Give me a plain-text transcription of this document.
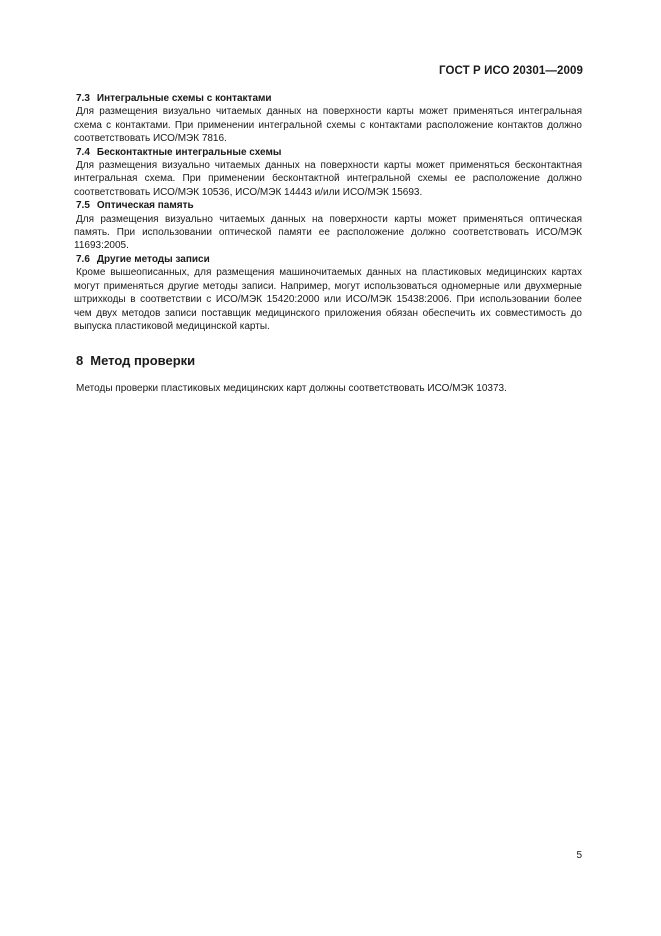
ГОСТ Р ИСО 20301—2009

7.3 Интегральные схемы с контактами

Для размещения визуально читаемых данных на поверхности карты может применяться интегральная схема с контактами. При применении интегральной схемы с контактами расположение контактов должно соответствовать ИСО/МЭК 7816.

7.4 Бесконтактные интегральные схемы

Для размещения визуально читаемых данных на поверхности карты может применяться бесконтактная интегральная схема. При применении бесконтактной интегральной схемы ее расположение должно соответствовать ИСО/МЭК 10536, ИСО/МЭК 14443 и/или ИСО/МЭК 15693.

7.5 Оптическая память

Для размещения визуально читаемых данных на поверхности карты может применяться оптическая память. При использовании оптической памяти ее расположение должно соответствовать ИСО/МЭК 11693:2005.

7.6 Другие методы записи

Кроме вышеописанных, для размещения машиночитаемых данных на пластиковых медицинских картах могут применяться другие методы записи. Например, могут использоваться одномерные или двухмерные штрихкоды в соответствии с ИСО/МЭК 15420:2000 или ИСО/МЭК 15438:2006. При использовании более чем двух методов записи поставщик медицинского приложения обязан обеспечить их совместимость до выпуска пластиковой медицинской карты.

8 Метод проверки

Методы проверки пластиковых медицинских карт должны соответствовать ИСО/МЭК 10373.

5
